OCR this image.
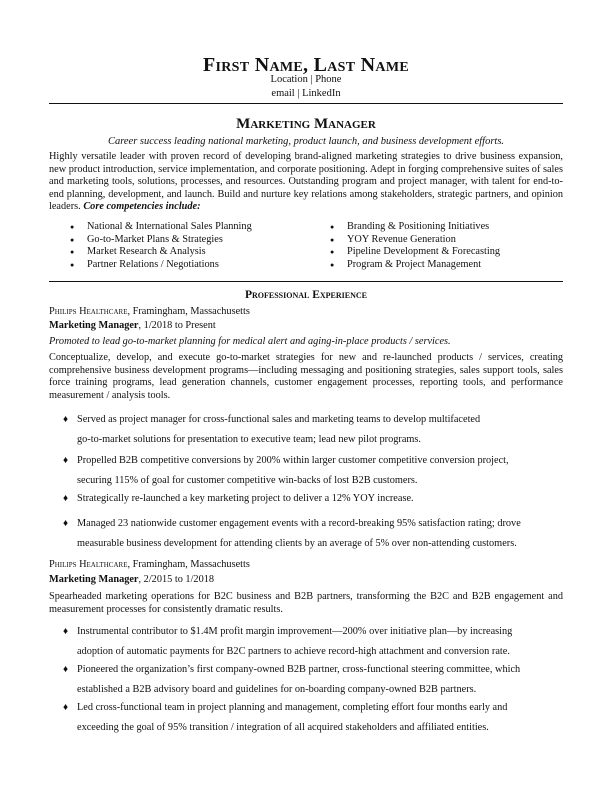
First Name, Last Name
Location | Phone
email | LinkedIn
Marketing Manager
Career success leading national marketing, product launch, and business development efforts.
Highly versatile leader with proven record of developing brand-aligned marketing strategies to drive business expansion, new product introduction, service implementation, and corporate positioning. Adept in forging comprehensive suites of sales and marketing tools, solutions, processes, and resources. Outstanding program and project manager, with talent for end-to-end planning, development, and launch. Build and nurture key relations among stakeholders, strategic partners, and opinion leaders. Core competencies include:
● National & International Sales Planning
● Go-to-Market Plans & Strategies
● Market Research & Analysis
● Partner Relations / Negotiations
● Branding & Positioning Initiatives
● YOY Revenue Generation
● Pipeline Development & Forecasting
● Program & Project Management
Professional Experience
Philips Healthcare, Framingham, Massachusetts
Marketing Manager, 1/2018 to Present
Promoted to lead go-to-market planning for medical alert and aging-in-place products / services.
Conceptualize, develop, and execute go-to-market strategies for new and re-launched products / services, creating comprehensive business development programs—including messaging and positioning strategies, sales support tools, sales force training programs, lead generation channels, customer engagement processes, reporting tools, and performance measurement / analysis tools.
♦ Served as project manager for cross-functional sales and marketing teams to develop multifaceted
go-to-market solutions for presentation to executive team; lead new pilot programs.
♦ Propelled B2B competitive conversions by 200% within larger customer competitive conversion project,
securing 115% of goal for customer competitive win-backs of lost B2B customers.
♦ Strategically re-launched a key marketing project to deliver a 12% YOY increase.
♦ Managed 23 nationwide customer engagement events with a record-breaking 95% satisfaction rating; drove
measurable business development for attending clients by an average of 5% over non-attending customers.
Philips Healthcare, Framingham, Massachusetts
Marketing Manager, 2/2015 to 1/2018
Spearheaded marketing operations for B2C business and B2B partners, transforming the B2C and B2B engagement and measurement processes for consistently dramatic results.
♦ Instrumental contributor to $1.4M profit margin improvement—200% over initiative plan—by increasing
adoption of automatic payments for B2C partners to achieve record-high attachment and conversion rate.
♦ Pioneered the organization’s first company-owned B2B partner, cross-functional steering committee, which
established a B2B advisory board and guidelines for on-boarding company-owned B2B partners.
♦ Led cross-functional team in project planning and management, completing effort four months early and
exceeding the goal of 95% transition / integration of all acquired stakeholders and affiliated entities.
